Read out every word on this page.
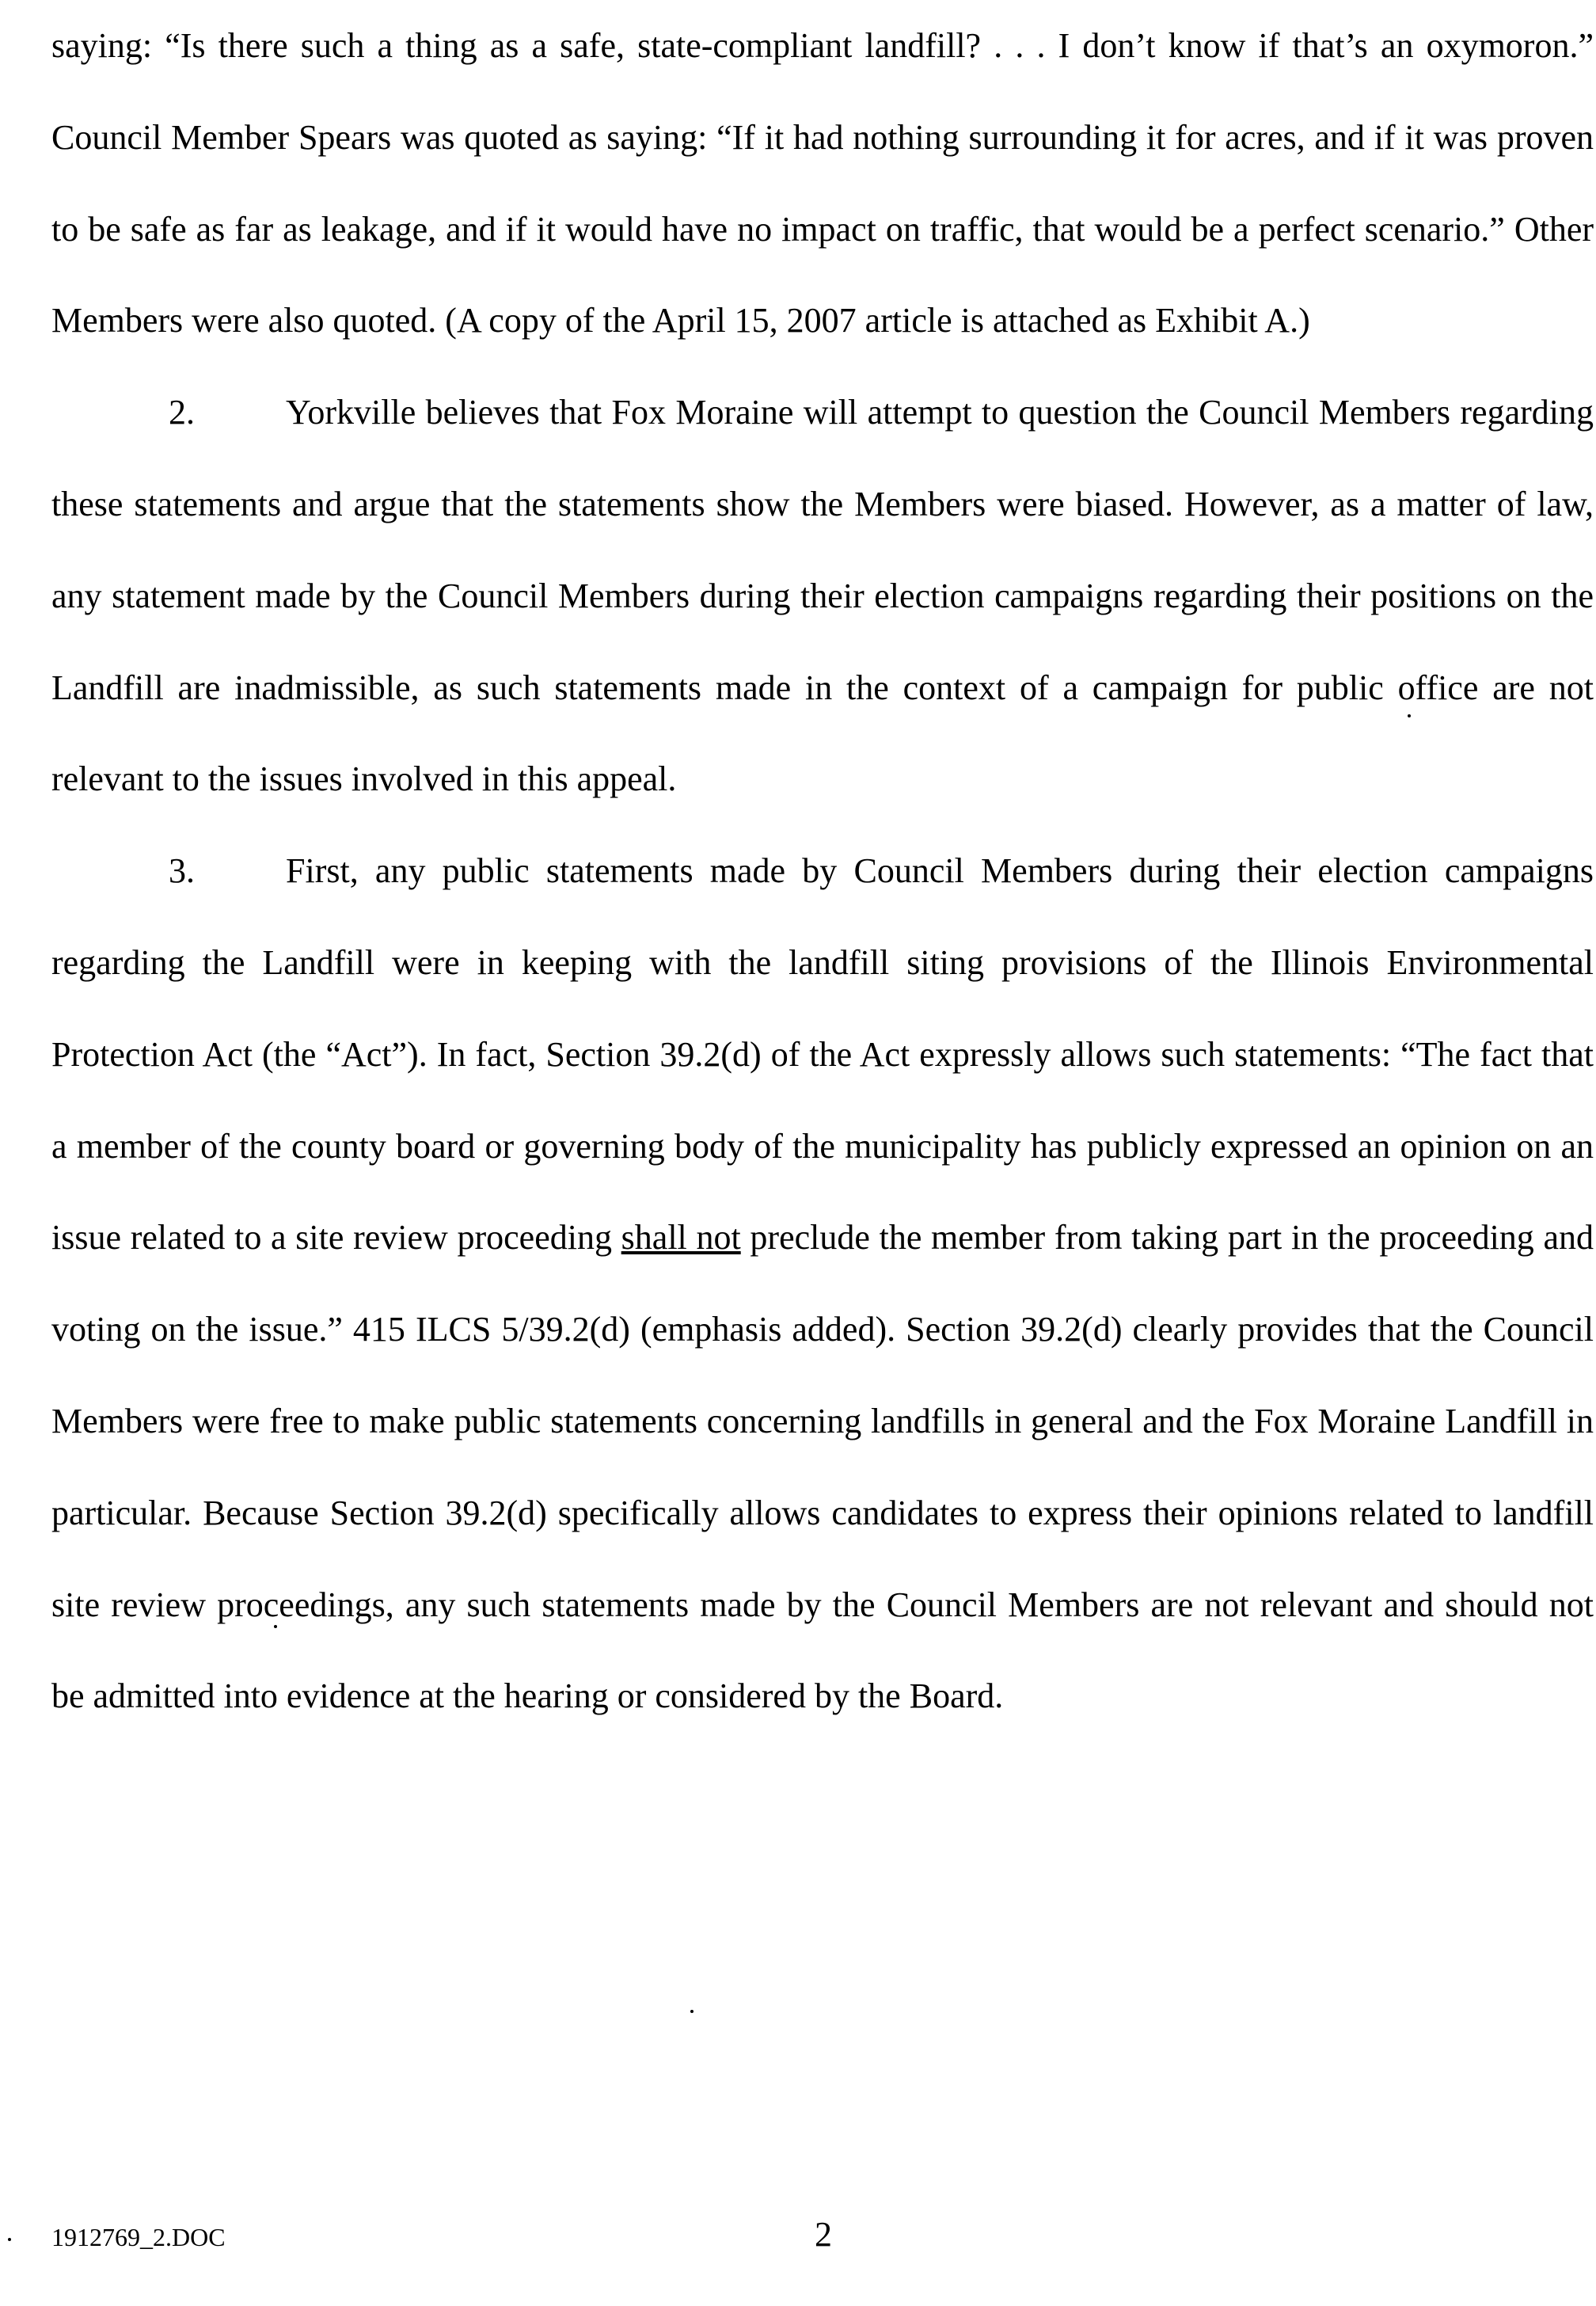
saying: “Is there such a thing as a safe, state-compliant landfill? . . . I don’t know if that’s an oxymoron.” Council Member Spears was quoted as saying: “If it had nothing surrounding it for acres, and if it was proven to be safe as far as leakage, and if it would have no impact on traffic, that would be a perfect scenario.” Other Members were also quoted. (A copy of the April 15, 2007 article is attached as Exhibit A.)

2.	Yorkville believes that Fox Moraine will attempt to question the Council Members regarding these statements and argue that the statements show the Members were biased. However, as a matter of law, any statement made by the Council Members during their election campaigns regarding their positions on the Landfill are inadmissible, as such statements made in the context of a campaign for public office are not relevant to the issues involved in this appeal.

3.	First, any public statements made by Council Members during their election campaigns regarding the Landfill were in keeping with the landfill siting provisions of the Illinois Environmental Protection Act (the “Act”). In fact, Section 39.2(d) of the Act expressly allows such statements: “The fact that a member of the county board or governing body of the municipality has publicly expressed an opinion on an issue related to a site review proceeding shall not preclude the member from taking part in the proceeding and voting on the issue.” 415 ILCS 5/39.2(d) (emphasis added). Section 39.2(d) clearly provides that the Council Members were free to make public statements concerning landfills in general and the Fox Moraine Landfill in particular. Because Section 39.2(d) specifically allows candidates to express their opinions related to landfill site review proceedings, any such statements made by the Council Members are not relevant and should not be admitted into evidence at the hearing or considered by the Board.

1912769_2.DOC	2
